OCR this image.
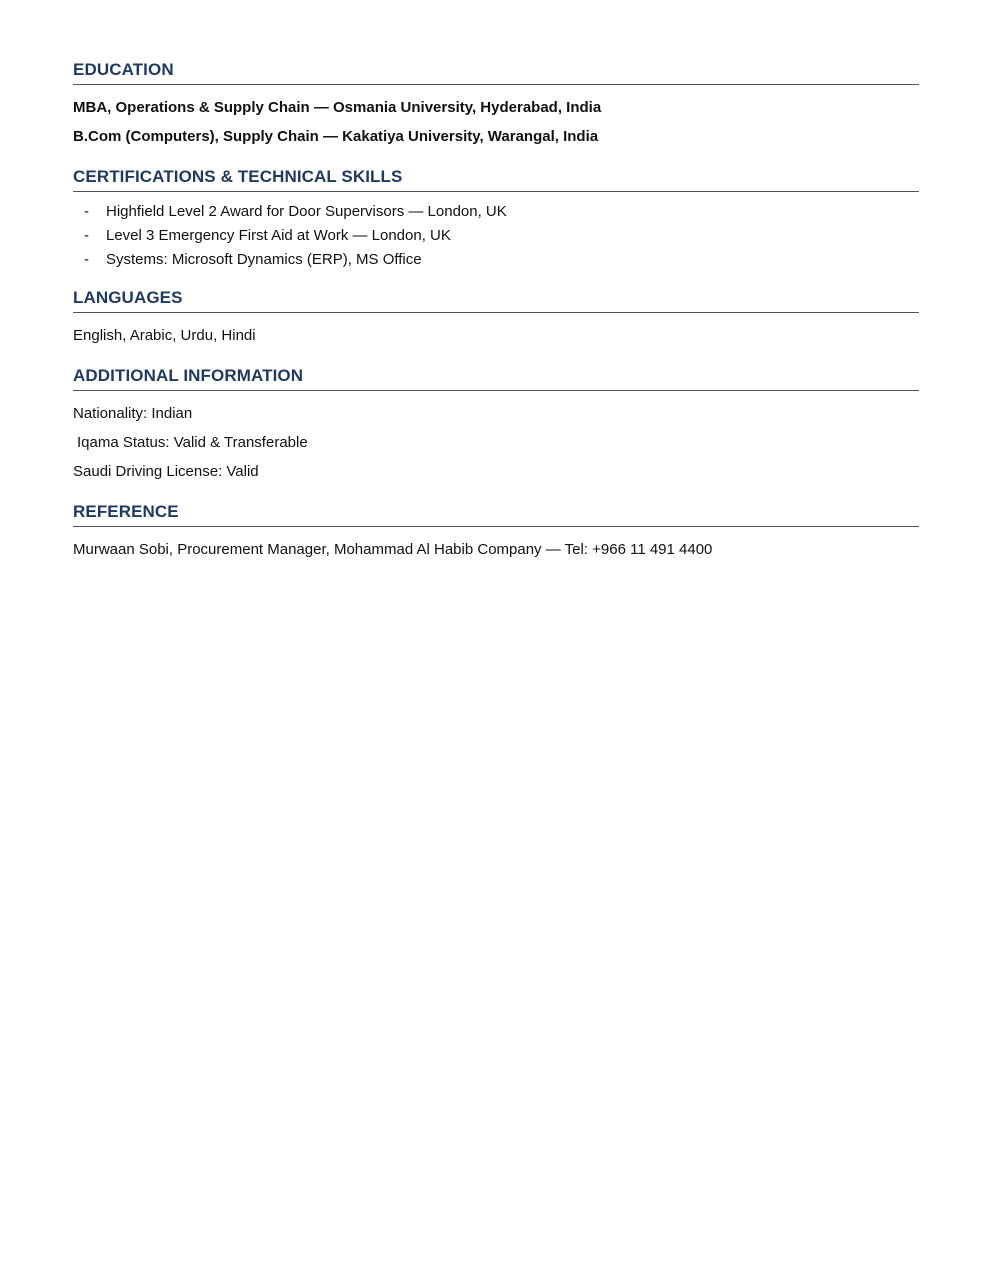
EDUCATION

MBA, Operations & Supply Chain — Osmania University, Hyderabad, India

B.Com (Computers), Supply Chain — Kakatiya University, Warangal, India

CERTIFICATIONS & TECHNICAL SKILLS
- Highfield Level 2 Award for Door Supervisors — London, UK
- Level 3 Emergency First Aid at Work — London, UK
- Systems: Microsoft Dynamics (ERP), MS Office
LANGUAGES

English, Arabic, Urdu, Hindi

ADDITIONAL INFORMATION

Nationality: Indian

Iqama Status: Valid & Transferable

Saudi Driving License: Valid

REFERENCE

Murwaan Sobi, Procurement Manager, Mohammad Al Habib Company — Tel: +966 11 491 4400
